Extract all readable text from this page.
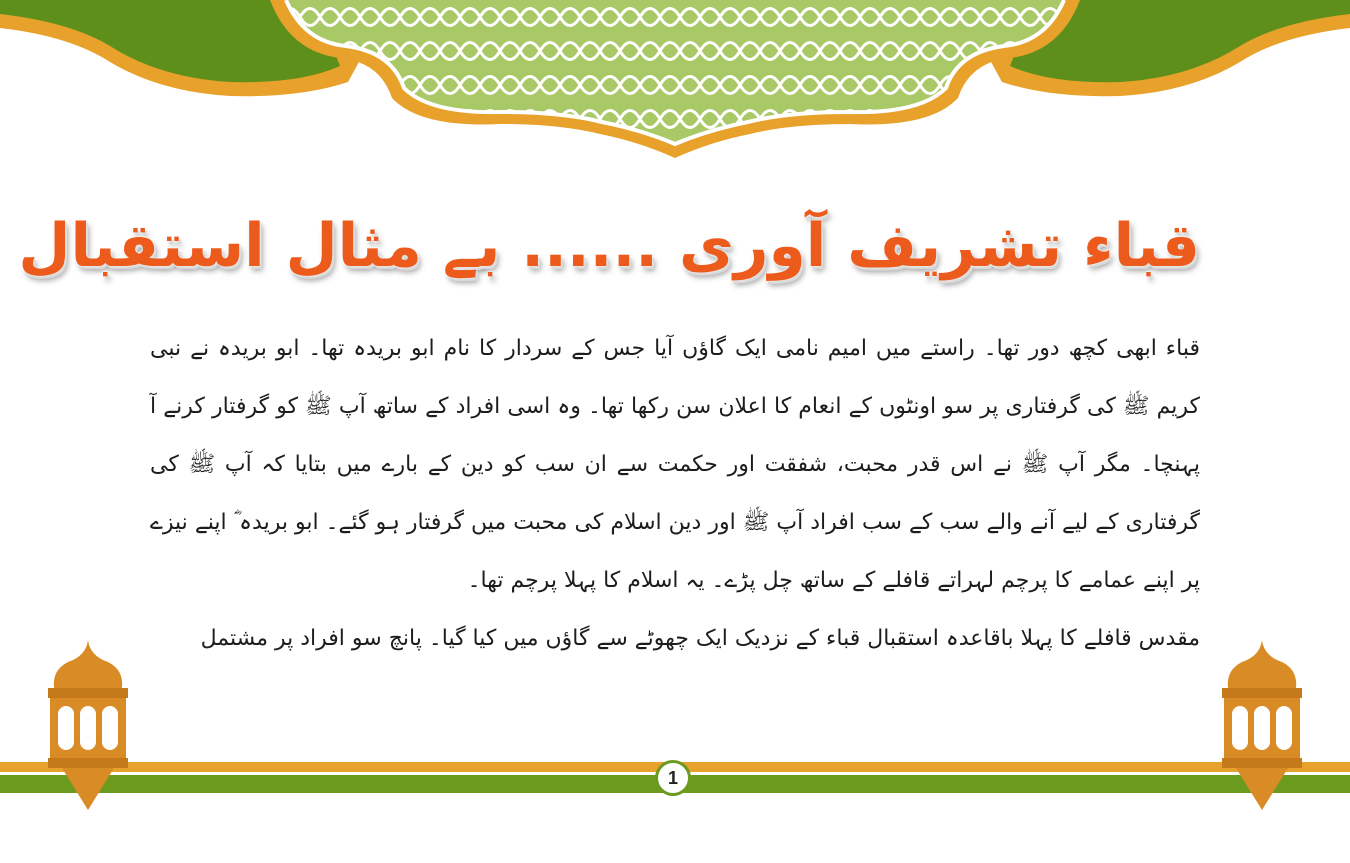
قباء تشریف آوری ...... بے مثال استقبال

قباء ابھی کچھ دور تھا۔ راستے میں امیم نامی ایک گاؤں آیا جس کے سردار کا نام ابو بریدہ تھا۔ ابو بریدہ نے نبی کریم ﷺ کی گرفتاری پر سو اونٹوں کے انعام کا اعلان سن رکھا تھا۔ وہ اسی افراد کے ساتھ آپ ﷺ کو گرفتار کرنے آ پہنچا۔ مگر آپ ﷺ نے اس قدر محبت، شفقت اور حکمت سے ان سب کو دین کے بارے میں بتایا کہ آپ ﷺ کی گرفتاری کے لیے آنے والے سب کے سب افراد آپ ﷺ اور دین اسلام کی محبت میں گرفتار ہو گئے۔ ابو بریدہ ؓ اپنے نیزے پر اپنے عمامے کا پرچم لہراتے قافلے کے ساتھ چل پڑے۔ یہ اسلام کا پہلا پرچم تھا۔

مقدس قافلے کا پہلا باقاعدہ استقبال قباء کے نزدیک ایک چھوٹے سے گاؤں میں کیا گیا۔ پانچ سو افراد پر مشتمل

1
